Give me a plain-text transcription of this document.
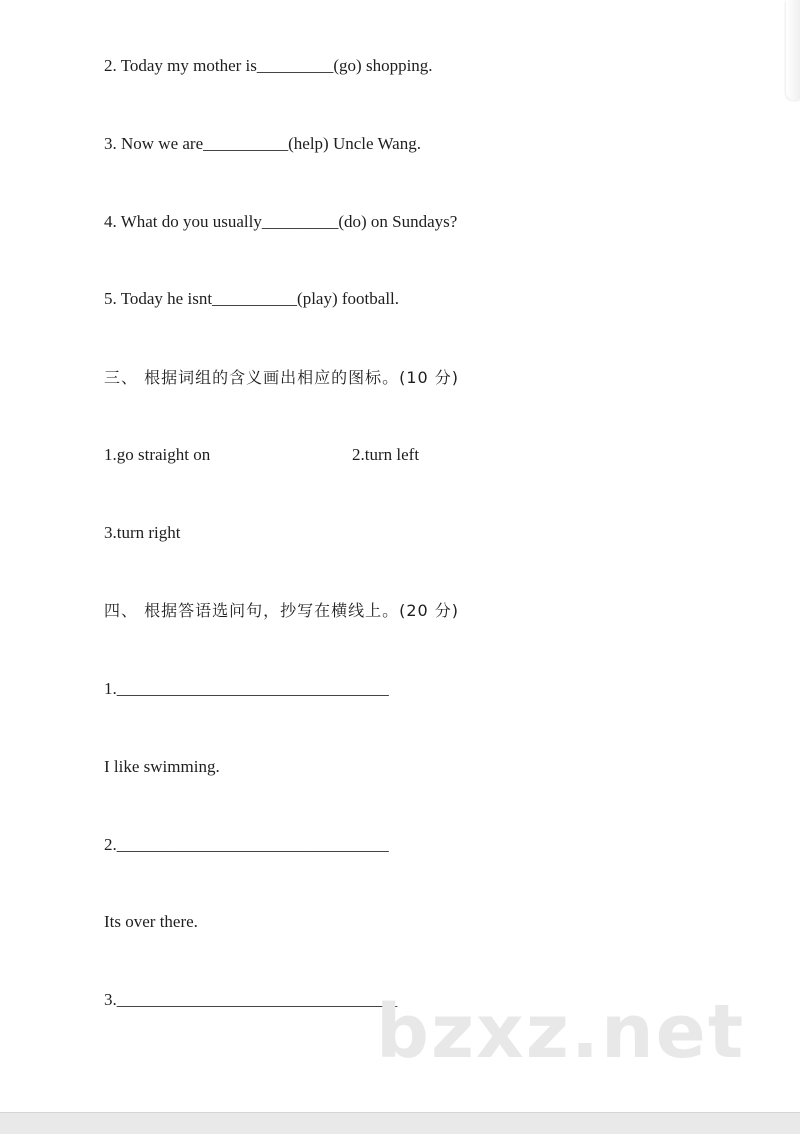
2. Today my mother is_________(go) shopping.
3. Now we are__________(help) Uncle Wang.
4. What do you usually_________(do) on Sundays?
5. Today he isnt__________(play) football.
三、 根据词组的含义画出相应的图标。(10 分)
1.go straight on	2.turn left
3.turn right
四、 根据答语选问句，抄写在横线上。(20 分)
1.________________________________
I like swimming.
2.________________________________
Its over there.
3._________________________________
bzxz.net
